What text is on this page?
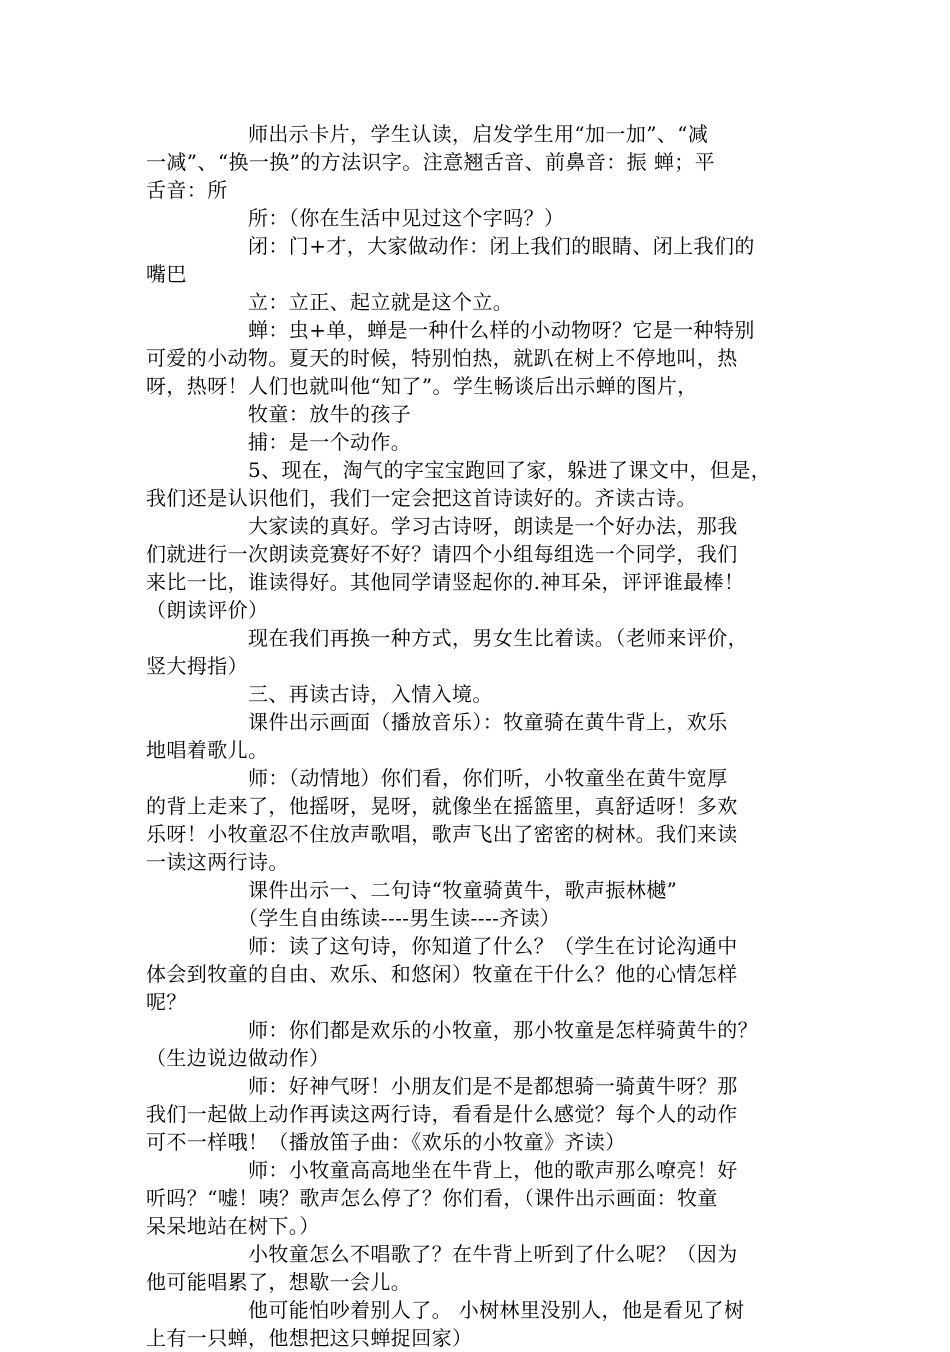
　　　　　师出示卡片，学生认读，启发学生用“加一加”、“减
一减”、“换一换”的方法识字。注意翘舌音、前鼻音：振 蝉；平
舌音：所
　　　　　所：（你在生活中见过这个字吗？）
　　　　　闭：门+才，大家做动作：闭上我们的眼睛、闭上我们的
嘴巴
　　　　　立：立正、起立就是这个立。
　　　　　蝉：虫+单，蝉是一种什么样的小动物呀？它是一种特别
可爱的小动物。夏天的时候，特别怕热，就趴在树上不停地叫，热
呀，热呀！人们也就叫他“知了”。学生畅谈后出示蝉的图片，
　　　　　牧童：放牛的孩子
　　　　　捕：是一个动作。
　　　　　5、现在，淘气的字宝宝跑回了家，躲进了课文中，但是，
我们还是认识他们，我们一定会把这首诗读好的。齐读古诗。
　　　　　大家读的真好。学习古诗呀，朗读是一个好办法，那我
们就进行一次朗读竞赛好不好？请四个小组每组选一个同学，我们
来比一比，谁读得好。其他同学请竖起你的.神耳朵，评评谁最棒！
（朗读评价）
　　　　　现在我们再换一种方式，男女生比着读。（老师来评价，
竖大拇指）
　　　　　三、再读古诗，入情入境。
　　　　　课件出示画面（播放音乐）：牧童骑在黄牛背上，欢乐
地唱着歌儿。
　　　　　师：（动情地）你们看，你们听，小牧童坐在黄牛宽厚
的背上走来了，他摇呀，晃呀，就像坐在摇篮里，真舒适呀！多欢
乐呀！小牧童忍不住放声歌唱，歌声飞出了密密的树林。我们来读
一读这两行诗。
　　　　　课件出示一、二句诗“牧童骑黄牛，歌声振林樾”
　　　　　（学生自由练读----男生读----齐读）
　　　　　师：读了这句诗，你知道了什么？（学生在讨论沟通中
体会到牧童的自由、欢乐、和悠闲）牧童在干什么？他的心情怎样
呢？
　　　　　师：你们都是欢乐的小牧童，那小牧童是怎样骑黄牛的？
（生边说边做动作）
　　　　　师：好神气呀！小朋友们是不是都想骑一骑黄牛呀？那
我们一起做上动作再读这两行诗，看看是什么感觉？每个人的动作
可不一样哦！（播放笛子曲：《欢乐的小牧童》齐读）
　　　　　师：小牧童高高地坐在牛背上，他的歌声那么嘹亮！好
听吗？“嘘！咦？歌声怎么停了？你们看，（课件出示画面：牧童
呆呆地站在树下。）
　　　　　小牧童怎么不唱歌了？在牛背上听到了什么呢？（因为
他可能唱累了，想歇一会儿。
　　　　　他可能怕吵着别人了。 小树林里没别人，他是看见了树
上有一只蝉，他想把这只蝉捉回家）
